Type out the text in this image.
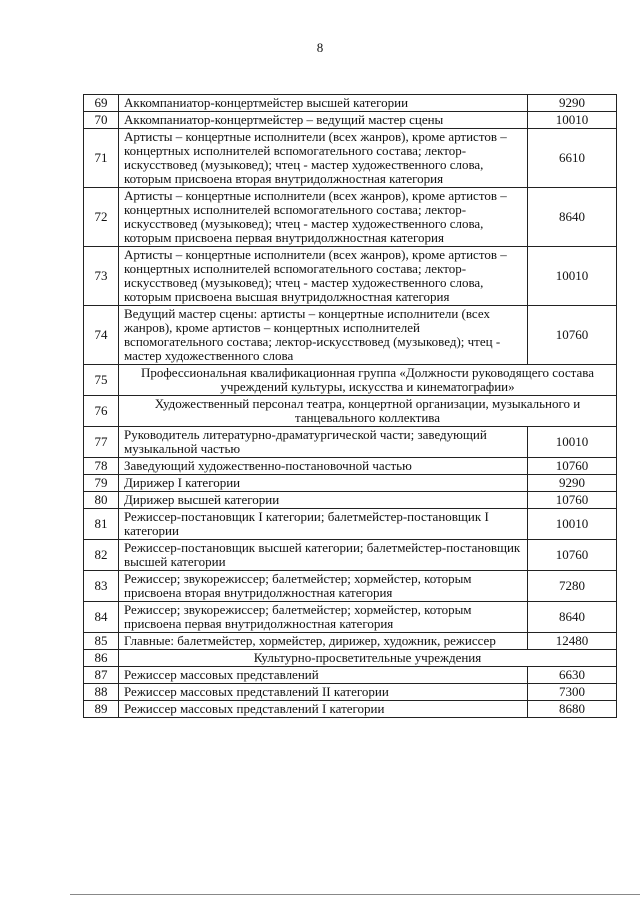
8
69	Аккомпаниатор-концертмейстер высшей категории	9290
70	Аккомпаниатор-концертмейстер – ведущий мастер сцены	10010
71	Артисты – концертные исполнители (всех жанров), кроме артистов – концертных исполнителей вспомогательного состава; лектор-искусствовед (музыковед); чтец - мастер художественного слова, которым присвоена вторая внутридолжностная категория	6610
72	Артисты – концертные исполнители (всех жанров), кроме артистов – концертных исполнителей вспомогательного состава; лектор-искусствовед (музыковед); чтец - мастер художественного слова, которым присвоена первая внутридолжностная категория	8640
73	Артисты – концертные исполнители (всех жанров), кроме артистов – концертных исполнителей вспомогательного состава; лектор-искусствовед (музыковед); чтец - мастер художественного слова, которым присвоена высшая внутридолжностная категория	10010
74	Ведущий мастер сцены: артисты – концертные исполнители (всех жанров), кроме артистов – концертных исполнителей вспомогательного состава; лектор-искусствовед (музыковед); чтец - мастер художественного слова	10760
75	Профессиональная квалификационная группа «Должности руководящего состава учреждений культуры, искусства и кинематографии»	
76	Художественный персонал театра, концертной организации, музыкального и танцевального коллектива	
77	Руководитель литературно-драматургической части; заведующий музыкальной частью	10010
78	Заведующий художественно-постановочной частью	10760
79	Дирижер I категории	9290
80	Дирижер высшей категории	10760
81	Режиссер-постановщик I категории; балетмейстер-постановщик I категории	10010
82	Режиссер-постановщик высшей категории; балетмейстер-постановщик высшей категории	10760
83	Режиссер; звукорежиссер; балетмейстер; хормейстер, которым присвоена вторая внутридолжностная категория	7280
84	Режиссер; звукорежиссер; балетмейстер; хормейстер, которым присвоена первая внутридолжностная категория	8640
85	Главные: балетмейстер, хормейстер, дирижер, художник, режиссер	12480
86	Культурно-просветительные учреждения	
87	Режиссер массовых представлений	6630
88	Режиссер массовых представлений II категории	7300
89	Режиссер массовых представлений I категории	8680
